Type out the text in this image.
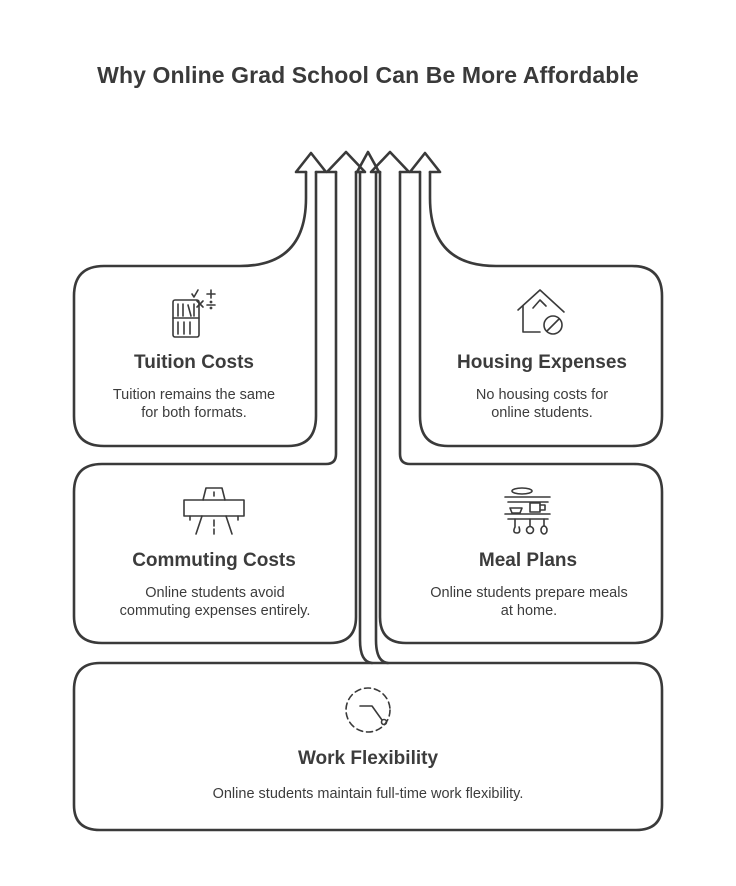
Why Online Grad School Can Be More Affordable
Tuition Costs
Tuition remains the same
for both formats.
Housing Expenses
No housing costs for
online students.
Commuting Costs
Online students avoid
commuting expenses entirely.
Meal Plans
Online students prepare meals
at home.
Work Flexibility
Online students maintain full-time work flexibility.
